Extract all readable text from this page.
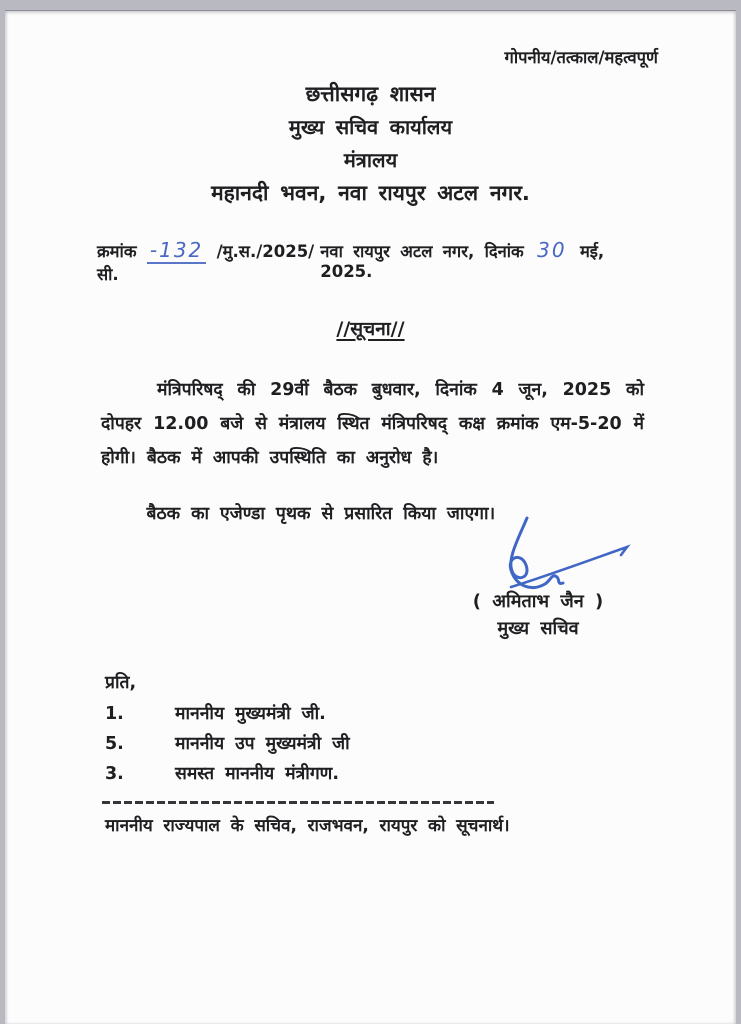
गोपनीय/तत्काल/महत्वपूर्ण
छत्तीसगढ़ शासन
मुख्य सचिव कार्यालय
मंत्रालय
महानदी भवन, नवा रायपुर अटल नगर.
क्रमांक -132 /मु.स./2025/सी.
नवा रायपुर अटल नगर, दिनांक 30 मई, 2025.
//सूचना//
मंत्रिपरिषद् की 29वीं बैठक बुधवार, दिनांक 4 जून, 2025 को दोपहर 12.00 बजे से मंत्रालय स्थित मंत्रिपरिषद् कक्ष क्रमांक एम-5-20 में होगी। बैठक में आपकी उपस्थिति का अनुरोध है।
बैठक का एजेण्डा पृथक से प्रसारित किया जाएगा।
( अमिताभ जैन )
मुख्य सचिव
प्रति,
1.	माननीय मुख्यमंत्री जी.
5.	माननीय उप मुख्यमंत्री जी
3.	समस्त माननीय मंत्रीगण.
माननीय राज्यपाल के सचिव, राजभवन, रायपुर को सूचनार्थ।
